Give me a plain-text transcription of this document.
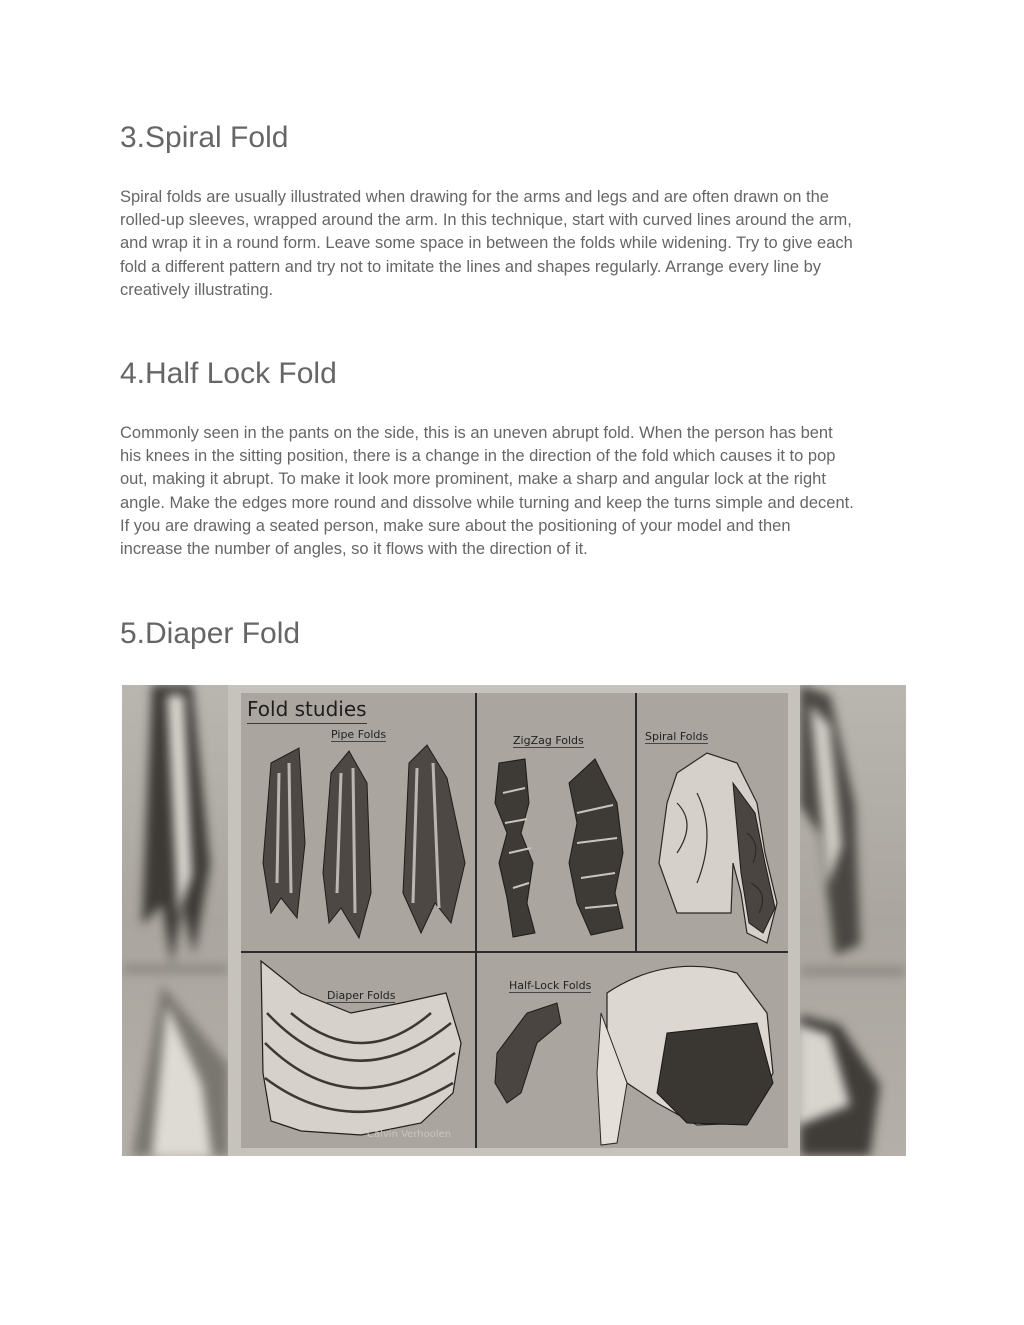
3.Spiral Fold

Spiral folds are usually illustrated when drawing for the arms and legs and are often drawn on the
rolled-up sleeves, wrapped around the arm. In this technique, start with curved lines around the arm,
and wrap it in a round form. Leave some space in between the folds while widening. Try to give each
fold a different pattern and try not to imitate the lines and shapes regularly. Arrange every line by
creatively illustrating.

4.Half Lock Fold

Commonly seen in the pants on the side, this is an uneven abrupt fold. When the person has bent
his knees in the sitting position, there is a change in the direction of the fold which causes it to pop
out, making it abrupt. To make it look more prominent, make a sharp and angular lock at the right
angle. Make the edges more round and dissolve while turning and keep the turns simple and decent.
If you are drawing a seated person, make sure about the positioning of your model and then
increase the number of angles, so it flows with the direction of it.

5.Diaper Fold

Fold studies

Pipe Folds	ZigZag Folds	Spiral Folds
Diaper Folds
Calvin Verhoolen
Half-Lock Folds
